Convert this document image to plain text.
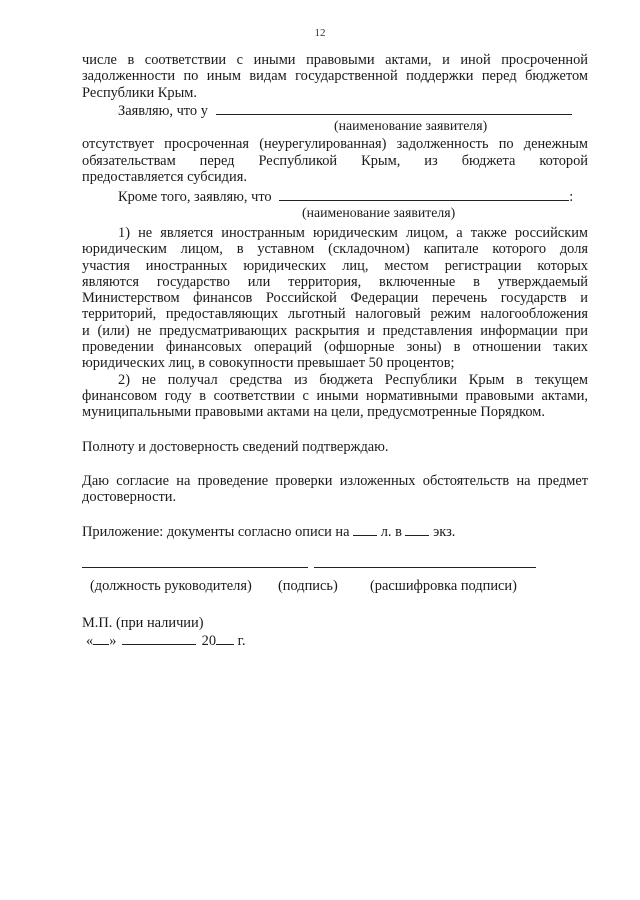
12

числе в соответствии с иными правовыми актами, и иной просроченной

задолженности по иным видам государственной поддержки перед бюджетом

Республики Крым.

Заявляю, что у

(наименование заявителя)

отсутствует просроченная (неурегулированная) задолженность по денежным

обязательствам перед Республикой Крым, из бюджета которой

предоставляется субсидия.

Кроме того, заявляю, что	:

(наименование заявителя)

1) не является иностранным юридическим лицом, а также российским

юридическим лицом, в уставном (складочном) капитале которого доля

участия иностранных юридических лиц, местом регистрации которых

являются государство или территория, включенные в утверждаемый

Министерством финансов Российской Федерации перечень государств и

территорий, предоставляющих льготный налоговый режим налогообложения

и (или) не предусматривающих раскрытия и представления информации при

проведении финансовых операций (офшорные зоны) в отношении таких

юридических лиц, в совокупности превышает 50 процентов;

2) не получал средства из бюджета Республики Крым в текущем

финансовом году в соответствии с иными нормативными правовыми актами,

муниципальными правовыми актами на цели, предусмотренные Порядком.

Полноту и достоверность сведений подтверждаю.

Даю согласие на проведение проверки изложенных обстоятельств на предмет

достоверности.

Приложение: документы согласно описи на л. в экз.
(должность руководителя) (подпись) (расшифровка подписи)

М.П. (при наличии)

« »	20 г.
